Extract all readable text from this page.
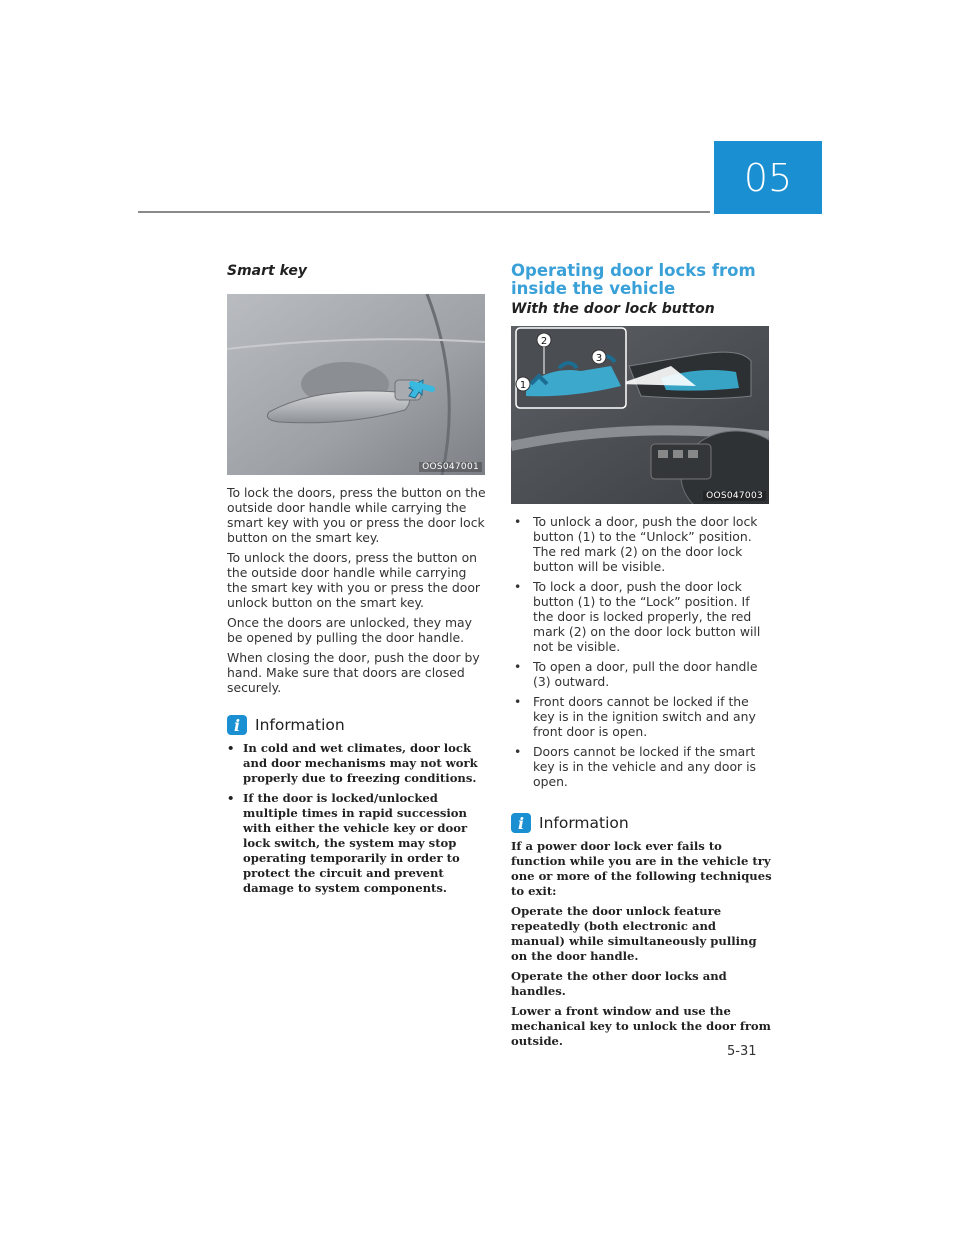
05
Smart key
OOS047001

To lock the doors, press the button on the outside door handle while carrying the smart key with you or press the door lock button on the smart key.

To unlock the doors, press the button on the outside door handle while carrying the smart key with you or press the door unlock button on the smart key.

Once the doors are unlocked, they may be opened by pulling the door handle.

When closing the door, push the door by hand. Make sure that doors are closed securely.

i Information
• In cold and wet climates, door lock and door mechanisms may not work properly due to freezing conditions.
• If the door is locked/unlocked multiple times in rapid succession with either the vehicle key or door lock switch, the system may stop operating temporarily in order to protect the circuit and prevent damage to system components.
Operating door locks from inside the vehicle
With the door lock button
2
1
3
OOS047003
• To unlock a door, push the door lock button (1) to the “Unlock” position. The red mark (2) on the door lock button will be visible.
• To lock a door, push the door lock button (1) to the “Lock” position. If the door is locked properly, the red mark (2) on the door lock button will not be visible.
• To open a door, pull the door handle (3) outward.
• Front doors cannot be locked if the key is in the ignition switch and any front door is open.
• Doors cannot be locked if the smart key is in the vehicle and any door is open.
i Information

If a power door lock ever fails to function while you are in the vehicle try one or more of the following techniques to exit:

Operate the door unlock feature repeatedly (both electronic and manual) while simultaneously pulling on the door handle.

Operate the other door locks and handles.

Lower a front window and use the mechanical key to unlock the door from outside.

5-31
